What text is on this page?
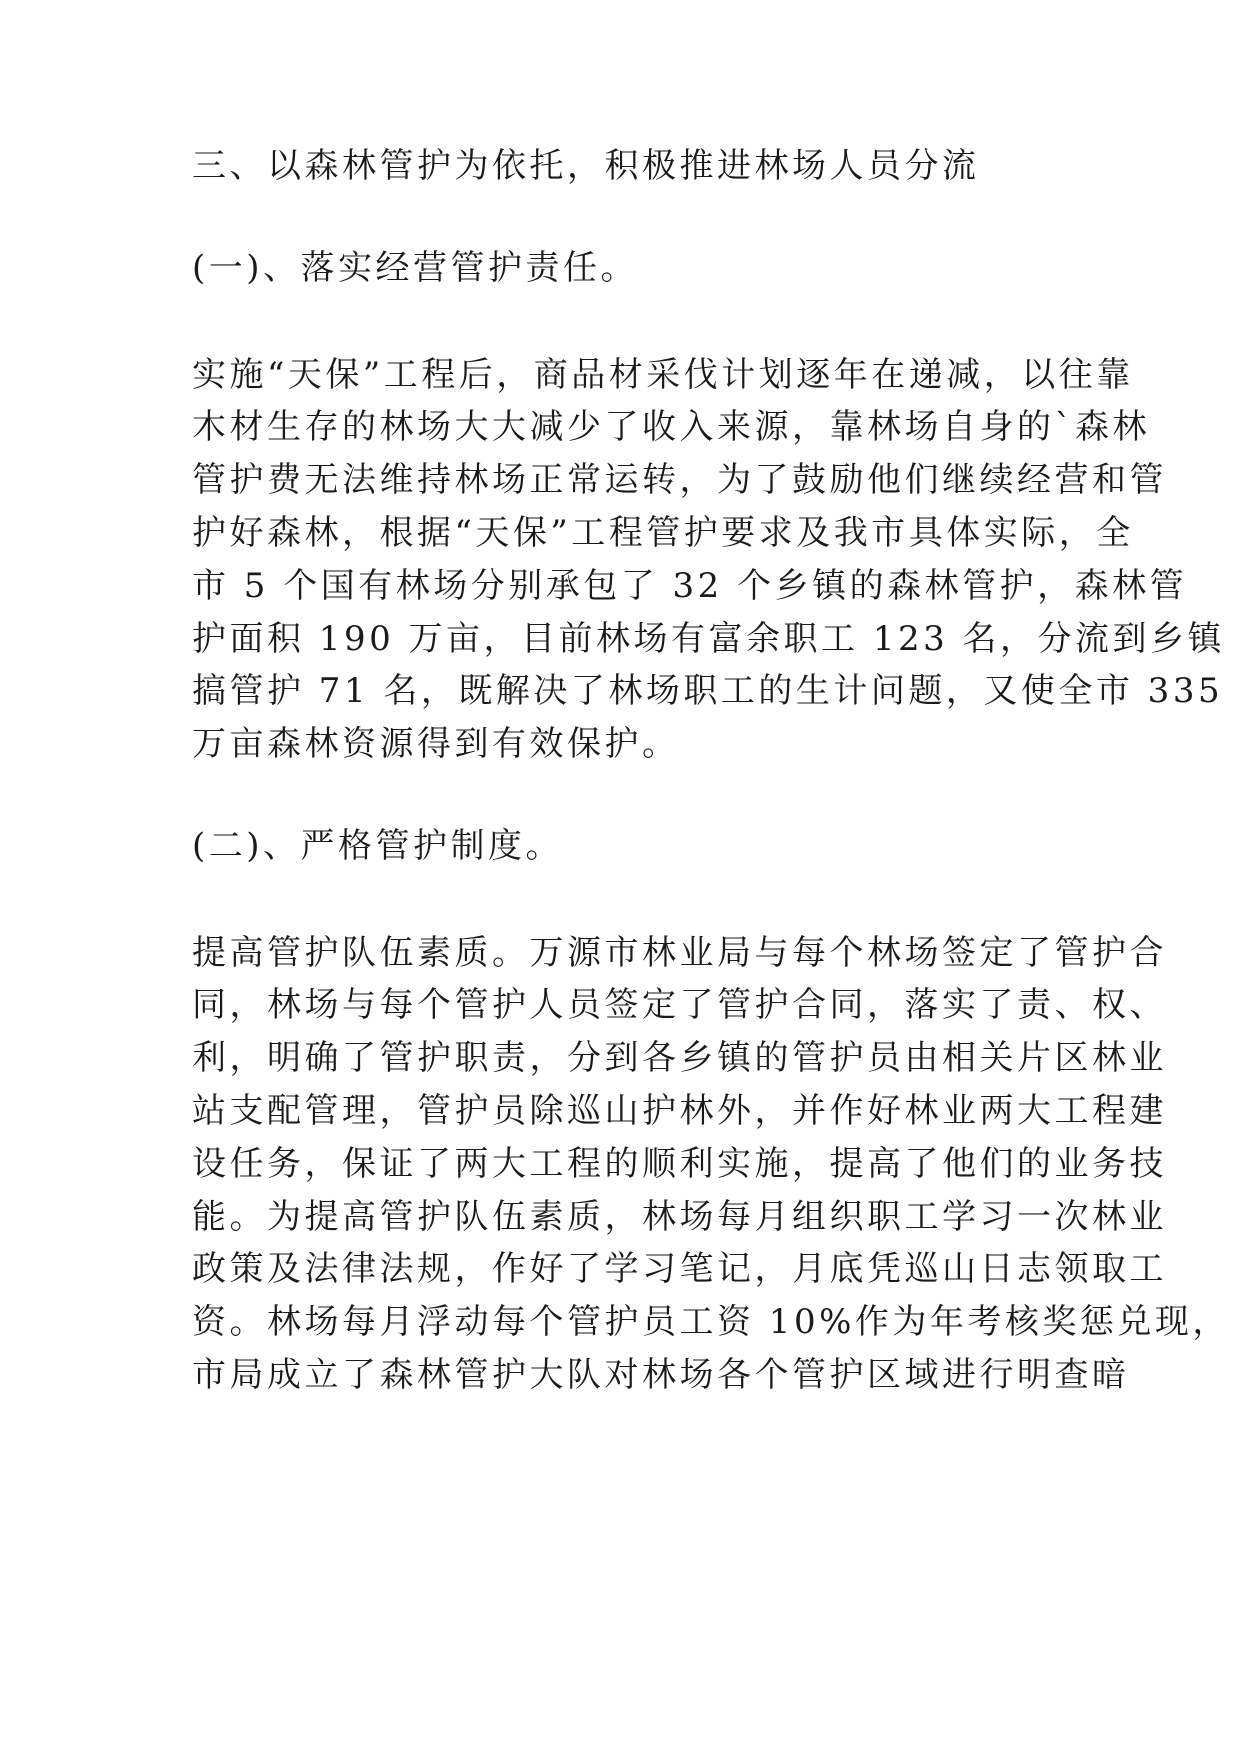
三、以森林管护为依托，积极推进林场人员分流

(一)、落实经营管护责任。

实施“天保”工程后，商品材采伐计划逐年在递减，以往靠

木材生存的林场大大减少了收入来源，靠林场自身的`森林

管护费无法维持林场正常运转，为了鼓励他们继续经营和管

护好森林，根据“天保”工程管护要求及我市具体实际，全

市 5 个国有林场分别承包了 32 个乡镇的森林管护，森林管

护面积 190 万亩，目前林场有富余职工 123 名，分流到乡镇

搞管护 71 名，既解决了林场职工的生计问题，又使全市 335

万亩森林资源得到有效保护。

(二)、严格管护制度。

提高管护队伍素质。万源市林业局与每个林场签定了管护合

同，林场与每个管护人员签定了管护合同，落实了责、权、

利，明确了管护职责，分到各乡镇的管护员由相关片区林业

站支配管理，管护员除巡山护林外，并作好林业两大工程建

设任务，保证了两大工程的顺利实施，提高了他们的业务技

能。为提高管护队伍素质，林场每月组织职工学习一次林业

政策及法律法规，作好了学习笔记，月底凭巡山日志领取工

资。林场每月浮动每个管护员工资 10%作为年考核奖惩兑现，

市局成立了森林管护大队对林场各个管护区域进行明查暗
